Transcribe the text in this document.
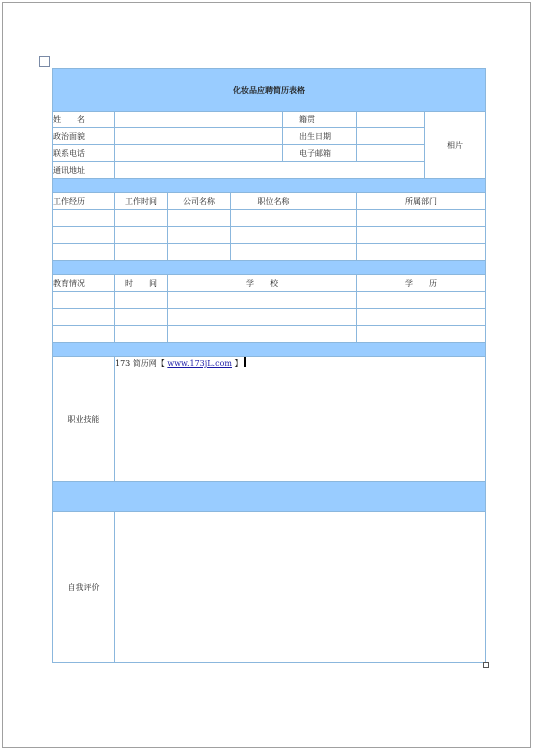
化妆品应聘简历表格						
姓　　名				籍贯		相片
政治面貌				出生日期		
联系电话				电子邮箱		
通讯地址						

工作经历	工作时间	公司名称	职位名称		所属部门	

教育情况	时　　间	学　　校			学　　历	

职业技能	173 简历网【 www.173jL.com 】					

自我评价						
